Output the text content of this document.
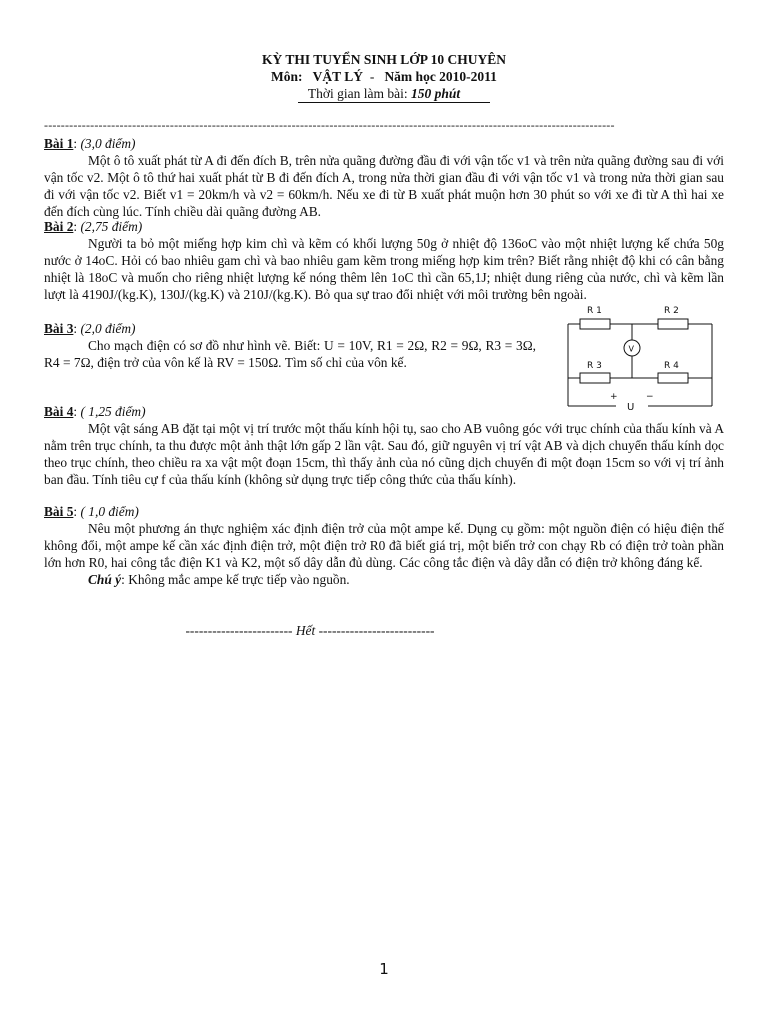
KỲ THI TUYỂN SINH LỚP 10 CHUYÊN
Môn: VẬT LÝ  -   Năm học 2010-2011
Thời gian làm bài: 150 phút
----------------------------------------------------------------------------------------------------------------------------------------
Bài 1: (3,0 điểm)
Một ô tô xuất phát từ A đi đến đích B, trên nửa quãng đường đầu đi với vận tốc v1 và trên nửa quãng đường sau đi với vận tốc v2. Một ô tô thứ hai xuất phát từ B đi đến đích A, trong nửa thời gian đầu đi với vận tốc v1 và trong nửa thời gian sau đi với vận tốc v2. Biết v1 = 20km/h và v2 = 60km/h. Nếu xe đi từ B xuất phát muộn hơn 30 phút so với xe đi từ A thì hai xe đến đích cùng lúc. Tính chiều dài quãng đường AB.
Bài 2: (2,75 điểm)
Người ta bỏ một miếng hợp kim chì và kẽm có khối lượng 50g ở nhiệt độ 136oC vào một nhiệt lượng kế chứa 50g nước ở 14oC. Hỏi có bao nhiêu gam chì và bao nhiêu gam kẽm trong miếng hợp kim trên? Biết rằng nhiệt độ khi có cân bằng nhiệt là 18oC và muốn cho riêng nhiệt lượng kế nóng thêm lên 1oC thì cần 65,1J; nhiệt dung riêng của nước, chì và kẽm lần lượt là 4190J/(kg.K), 130J/(kg.K) và 210J/(kg.K). Bỏ qua sự trao đổi nhiệt với môi trường bên ngoài.
Bài 3: (2,0 điểm)
Cho mạch điện có sơ đồ như hình vẽ. Biết: U = 10V, R1 = 2Ω, R2 = 9Ω, R3 = 3Ω, R4 = 7Ω, điện trở của vôn kế là RV = 150Ω. Tìm số chỉ của vôn kế.
R 1	R 2
R 3	R 4
V
+
U
−
Bài 4: ( 1,25 điểm)
Một vật sáng AB đặt tại một vị trí trước một thấu kính hội tụ, sao cho AB vuông góc với trục chính của thấu kính và A nằm trên trục chính, ta thu được một ảnh thật lớn gấp 2 lần vật. Sau đó, giữ nguyên vị trí vật AB và dịch chuyển thấu kính dọc theo trục chính, theo chiều ra xa vật một đoạn 15cm, thì thấy ảnh của nó cũng dịch chuyển đi một đoạn 15cm so với vị trí ảnh ban đầu. Tính tiêu cự f của thấu kính (không sử dụng trực tiếp công thức của thấu kính).
Bài 5: ( 1,0 điểm)
Nêu một phương án thực nghiệm xác định điện trở của một ampe kế. Dụng cụ gồm: một nguồn điện có hiệu điện thế không đổi, một ampe kế cần xác định điện trở, một điện trở R0 đã biết giá trị, một biến trở con chạy Rb có điện trở toàn phần lớn hơn R0, hai công tắc điện K1 và K2, một số dây dẫn đủ dùng. Các công tắc điện và dây dẫn có điện trở không đáng kể.
Chú ý: Không mắc ampe kế trực tiếp vào nguồn.
------------------------ Hết --------------------------
1
